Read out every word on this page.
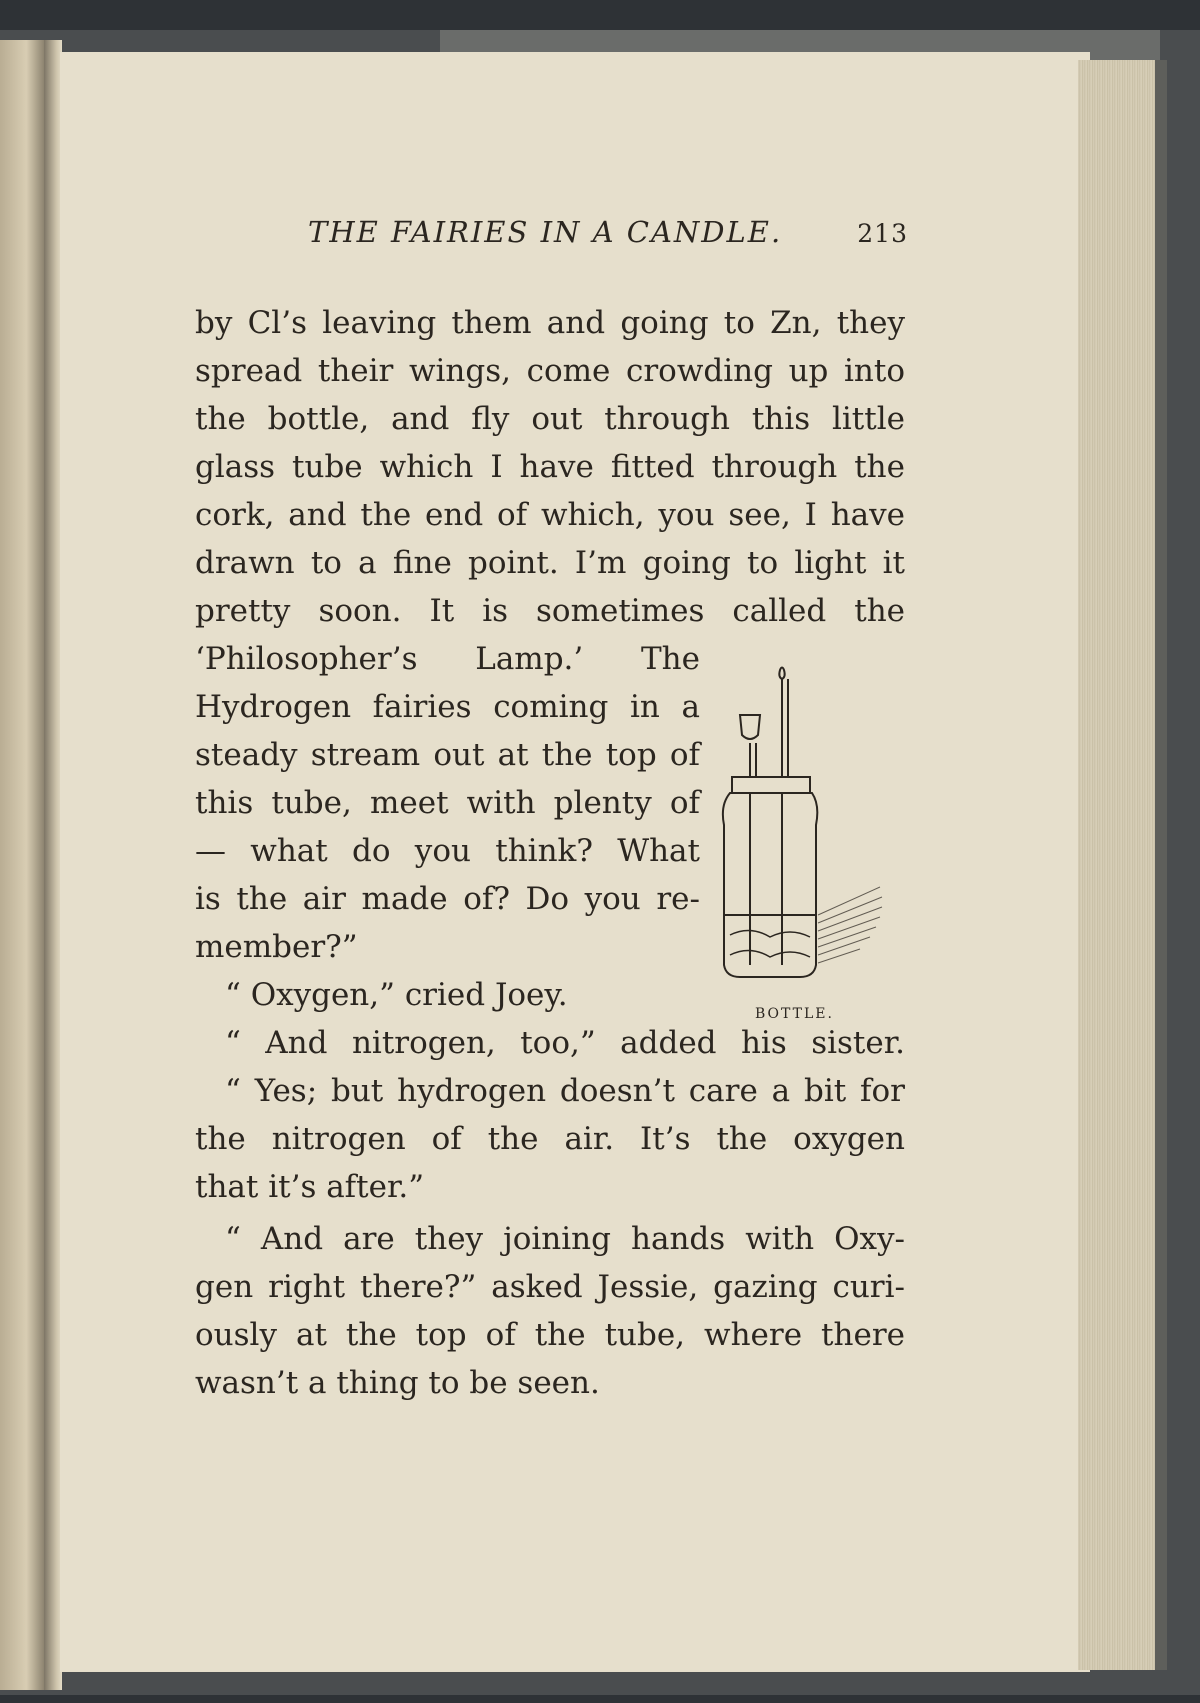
THE FAIRIES IN A CANDLE.	213
by Cl’s leaving them and going to Zn, they
spread their wings, come crowding up into
the bottle, and fly out through this little
glass tube which I have fitted through the
cork, and the end of which, you see, I have
drawn to a fine point. I’m going to light it
pretty soon. It is sometimes called the
‘Philosopher’s Lamp.’ The
Hydrogen fairies coming in a
steady stream out at the top of
this tube, meet with plenty of
— what do you think? What
is the air made of? Do you re-
member?”
“ Oxygen,” cried Joey.
“ And nitrogen, too,” added his sister.
“ Yes; but hydrogen doesn’t care a bit for
the nitrogen of the air. It’s the oxygen
that it’s after.”
“ And are they joining hands with Oxy-
gen right there?” asked Jessie, gazing curi-
ously at the top of the tube, where there
wasn’t a thing to be seen.
BOTTLE.
